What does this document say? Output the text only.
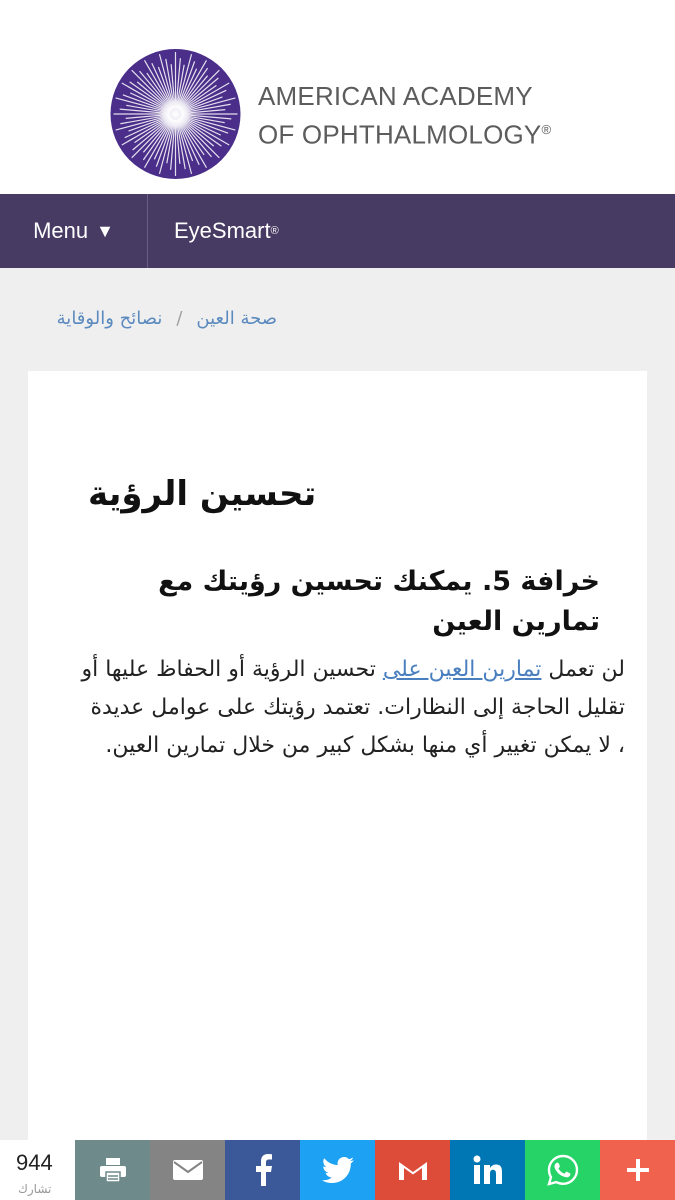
AMERICAN ACADEMY
OF OPHTHALMOLOGY®
Menu ▼	EyeSmart ®
صحة العين/نصائح والوقاية
تحسين الرؤية
خرافة 5. يمكنك تحسين رؤيتك مع تمارين العين

لن تعمل تمارين العين على تحسين الرؤية أو الحفاظ عليها أو تقليل الحاجة إلى النظارات. تعتمد رؤيتك على عوامل عديدة ، لا يمكن تغيير أي منها بشكل كبير من خلال تمارين العين.

944
تشارك
